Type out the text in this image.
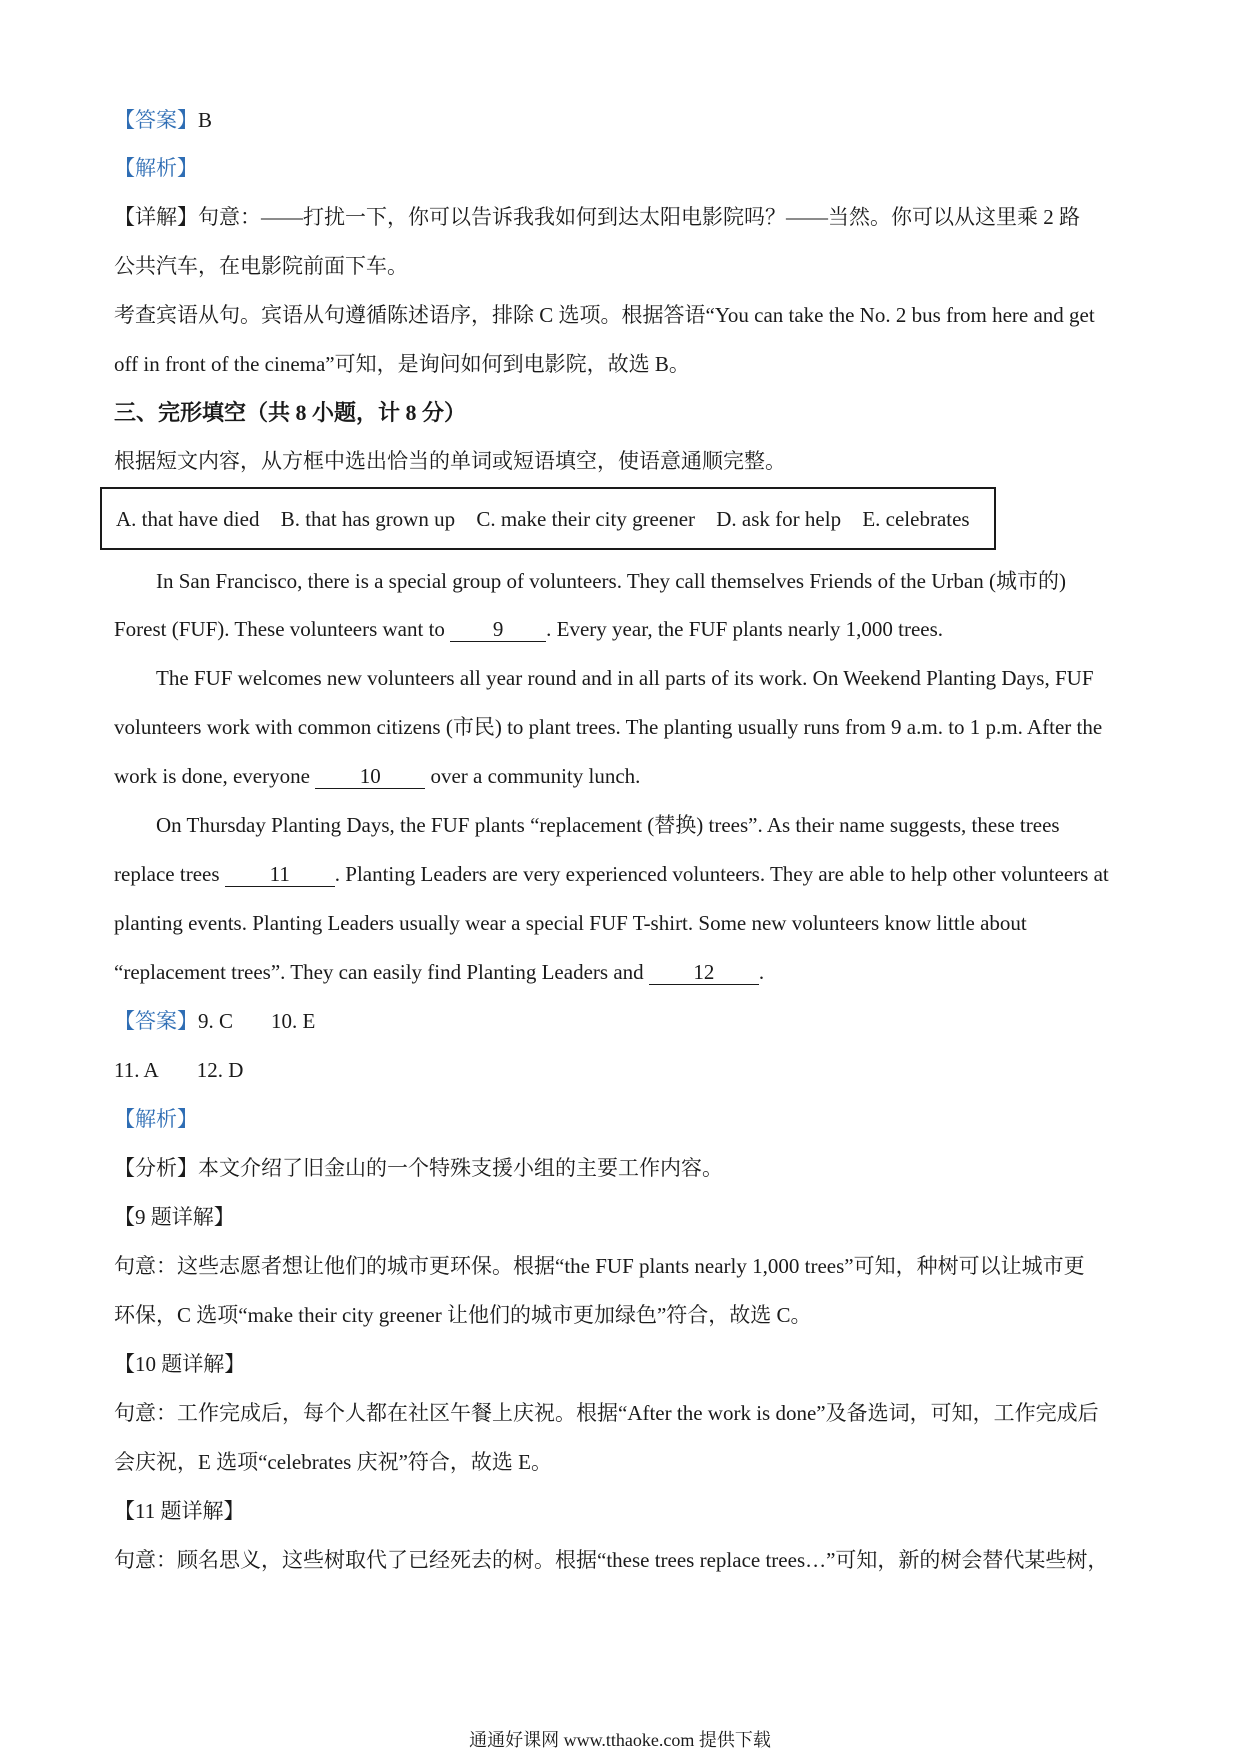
【答案】B
【解析】
【详解】句意：——打扰一下，你可以告诉我我如何到达太阳电影院吗？——当然。你可以从这里乘 2 路
公共汽车，在电影院前面下车。
考查宾语从句。宾语从句遵循陈述语序，排除 C 选项。根据答语“You can take the No. 2 bus from here and get
off in front of the cinema”可知，是询问如何到电影院，故选 B。
三、完形填空（共 8 小题，计 8 分）
根据短文内容，从方框中选出恰当的单词或短语填空，使语意通顺完整。
A. that have died B. that has grown up C. make their city greener D. ask for help E. celebrates
In San Francisco, there is a special group of volunteers. They call themselves Friends of the Urban (城市的)
Forest (FUF). These volunteers want to 9 . Every year, the FUF plants nearly 1,000 trees.
The FUF welcomes new volunteers all year round and in all parts of its work. On Weekend Planting Days, FUF
volunteers work with common citizens (市民) to plant trees. The planting usually runs from 9 a.m. to 1 p.m. After the
work is done, everyone 10 over a community lunch.
On Thursday Planting Days, the FUF plants “replacement (替换) trees”. As their name suggests, these trees
replace trees 11 . Planting Leaders are very experienced volunteers. They are able to help other volunteers at
planting events. Planting Leaders usually wear a special FUF T-shirt. Some new volunteers know little about
“replacement trees”. They can easily find Planting Leaders and 12 .
【答案】9. C 10. E
11. A 12. D
【解析】
【分析】本文介绍了旧金山的一个特殊支援小组的主要工作内容。
【9 题详解】
句意：这些志愿者想让他们的城市更环保。根据“the FUF plants nearly 1,000 trees”可知，种树可以让城市更
环保，C 选项“make their city greener 让他们的城市更加绿色”符合，故选 C。
【10 题详解】
句意：工作完成后，每个人都在社区午餐上庆祝。根据“After the work is done”及备选词，可知，工作完成后
会庆祝，E 选项“celebrates 庆祝”符合，故选 E。
【11 题详解】
句意：顾名思义，这些树取代了已经死去的树。根据“these trees replace trees…”可知，新的树会替代某些树，
通通好课网 www.tthaoke.com 提供下载
